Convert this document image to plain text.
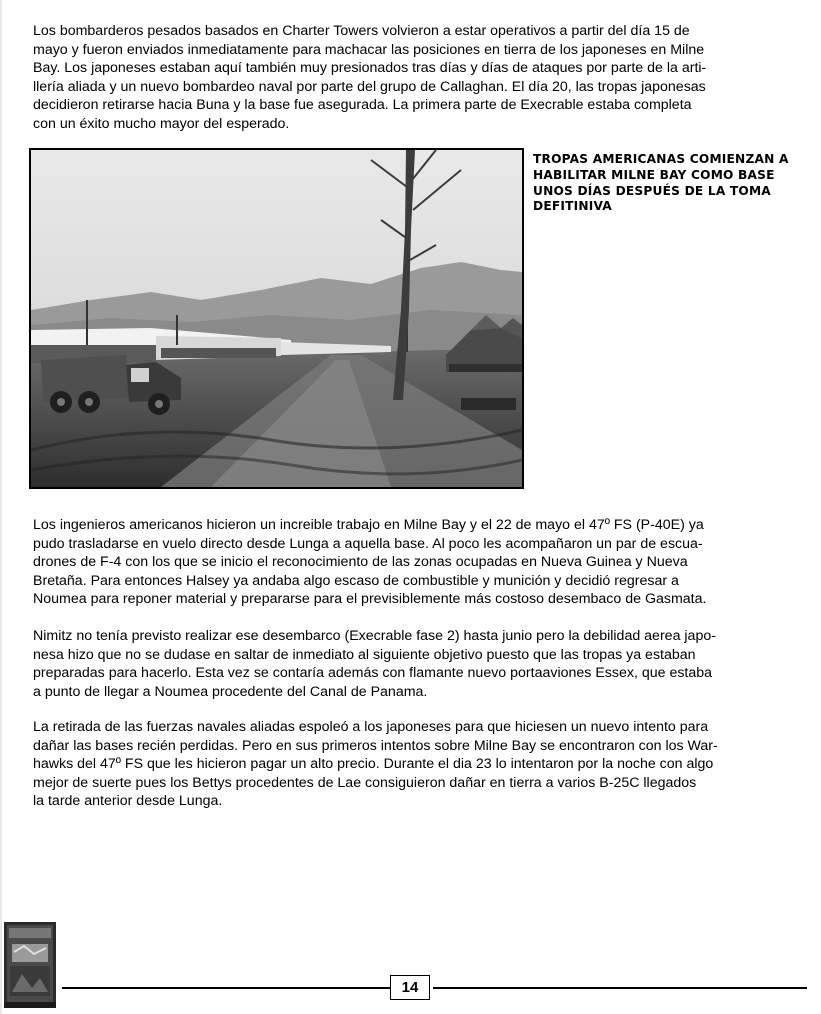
Los bombarderos pesados basados en Charter Towers volvieron a estar operativos a partir del día 15 de
mayo y fueron enviados inmediatamente para machacar las posiciones en tierra de los japoneses en Milne
Bay. Los japoneses estaban aquí también muy presionados tras días y días de ataques por parte de la arti-
llería aliada y un nuevo bombardeo naval por parte del grupo de Callaghan. El día 20, las tropas japonesas
decidieron retirarse hacia Buna y la base fue asegurada. La primera parte de Execrable estaba completa
con un éxito mucho mayor del esperado.
TROPAS AMERICANAS COMIENZAN A
HABILITAR MILNE BAY COMO BASE
UNOS DÍAS DESPUÉS DE LA TOMA
DEFITINIVA
Los ingenieros americanos hicieron un increible trabajo en Milne Bay y el 22 de mayo el 47º FS (P-40E) ya
pudo trasladarse en vuelo directo desde Lunga a aquella base. Al poco les acompañaron un par de escua-
drones de F-4 con los que se inicio el reconocimiento de las zonas ocupadas en Nueva Guinea y Nueva
Bretaña. Para entonces Halsey ya andaba algo escaso de combustible y munición y decidió regresar a
Noumea para reponer material y prepararse para el previsiblemente más costoso desembaco de Gasmata.
Nimitz no tenía previsto realizar ese desembarco (Execrable fase 2) hasta junio pero la debilidad aerea japo-
nesa hizo que no se dudase en saltar de inmediato al siguiente objetivo puesto que las tropas ya estaban
preparadas para hacerlo. Esta vez se contaría además con flamante nuevo portaaviones Essex, que estaba
a punto de llegar a Noumea procedente del Canal de Panama.
La retirada de las fuerzas navales aliadas espoleó a los japoneses para que hiciesen un nuevo intento para
dañar las bases recién perdidas. Pero en sus primeros intentos sobre Milne Bay se encontraron con los War-
hawks del 47º FS que les hicieron pagar un alto precio. Durante el dia 23 lo intentaron por la noche con algo
mejor de suerte pues los Bettys procedentes de Lae consiguieron dañar en tierra a varios B-25C llegados
la tarde anterior desde Lunga.
14
